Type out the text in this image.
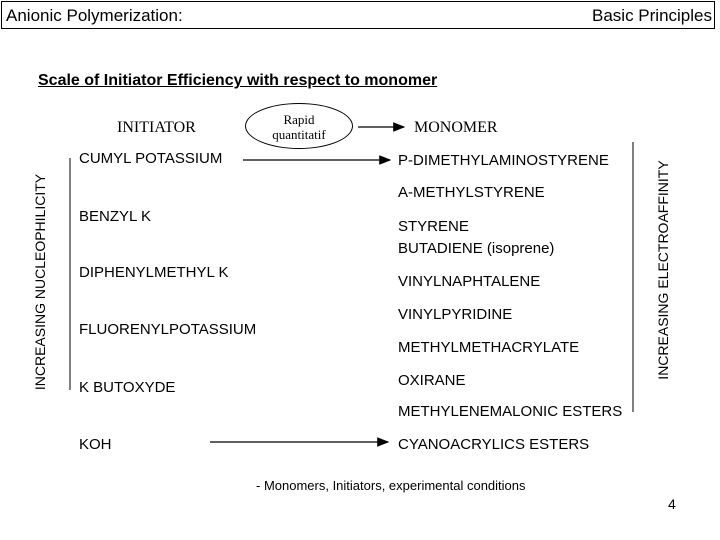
Anionic Polymerization:	Basic Principles
Scale of Initiator Efficiency with respect to monomer
INITIATOR	MONOMER
Rapid
quantitatif
CUMYL POTASSIUM
BENZYL K
DIPHENYLMETHYL K
FLUORENYLPOTASSIUM
K BUTOXYDE
KOH
P-DIMETHYLAMINOSTYRENE
A-METHYLSTYRENE
STYRENE
BUTADIENE (isoprene)
VINYLNAPHTALENE
VINYLPYRIDINE
METHYLMETHACRYLATE
OXIRANE
METHYLENEMALONIC ESTERS
CYANOACRYLICS ESTERS
INCREASING NUCLEOPHILICITY	INCREASING ELECTROAFFINITY
- Monomers, Initiators, experimental conditions
4
